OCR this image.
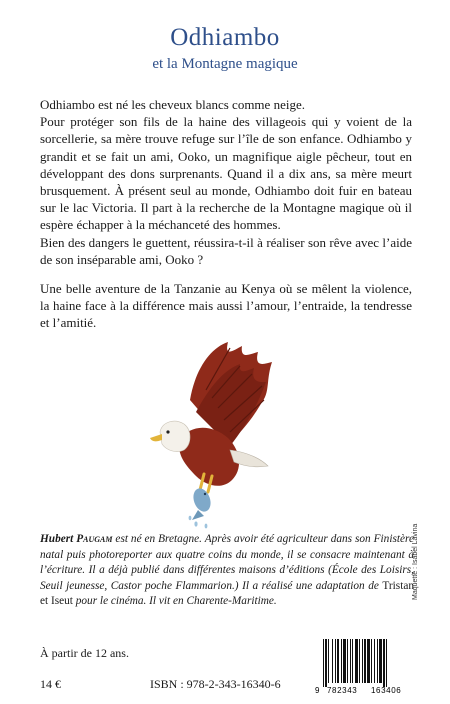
Odhiambo
et la Montagne magique

Odhiambo est né les cheveux blancs comme neige.

Pour protéger son fils de la haine des villageois qui y voient de la sorcellerie, sa mère trouve refuge sur l’île de son enfance. Odhiambo y grandit et se fait un ami, Ooko, un magnifique aigle pêcheur, tout en développant des dons surprenants. Quand il a dix ans, sa mère meurt brusquement. À présent seul au monde, Odhiambo doit fuir en bateau sur le lac Victoria. Il part à la recherche de la Montagne magique où il espère échapper à la méchanceté des hommes.

Bien des dangers le guettent, réussira-t-il à réaliser son rêve avec l’aide de son inséparable ami, Ooko ?

Une belle aventure de la Tanzanie au Kenya où se mêlent la violence, la haine face à la différence mais aussi l’amour, l’entraide, la tendresse et l’amitié.

Hubert Paugam est né en Bretagne. Après avoir été agriculteur dans son Finistère natal puis photoreporter aux quatre coins du monde, il se consacre maintenant à l’écriture. Il a déjà publié dans différentes maisons d’éditions (École des Loisirs, Seuil jeunesse, Castor poche Flammarion.) Il a réalisé une adaptation de Tristan et Iseut pour le cinéma. Il vit en Charente-Maritime.
À partir de 12 ans.
14 €	ISBN : 978-2-343-16340-6	9 782343 163406
Maquette : Isabel Lavina
